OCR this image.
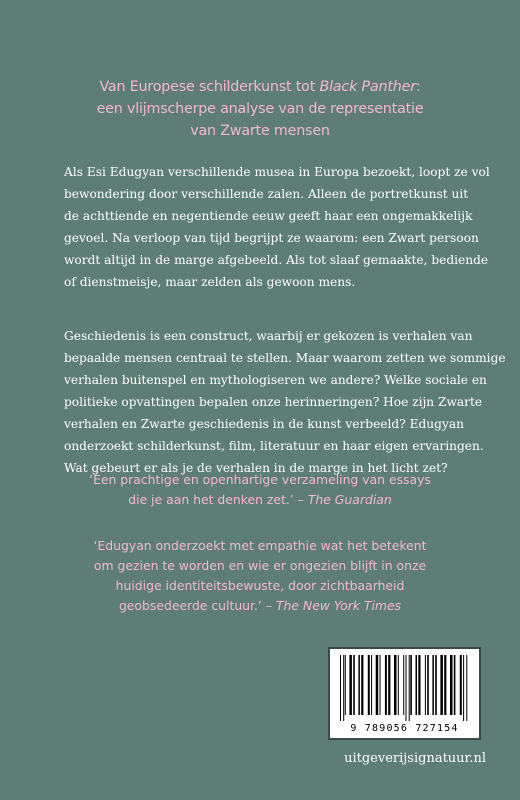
Van Europese schilderkunst tot Black Panther:
een vlijmscherpe analyse van de representatie
van Zwarte mensen
Als Esi Edugyan verschillende musea in Europa bezoekt, loopt ze vol
bewondering door verschillende zalen. Alleen de portretkunst uit
de achttiende en negentiende eeuw geeft haar een ongemakkelijk
gevoel. Na verloop van tijd begrijpt ze waarom: een Zwart persoon
wordt altijd in de marge afgebeeld. Als tot slaaf gemaakte, bediende
of dienstmeisje, maar zelden als gewoon mens.
Geschiedenis is een construct, waarbij er gekozen is verhalen van
bepaalde mensen centraal te stellen. Maar waarom zetten we sommige
verhalen buitenspel en mythologiseren we andere? Welke sociale en
politieke opvattingen bepalen onze herinneringen? Hoe zijn Zwarte
verhalen en Zwarte geschiedenis in de kunst verbeeld? Edugyan
onderzoekt schilderkunst, film, literatuur en haar eigen ervaringen.
Wat gebeurt er als je de verhalen in de marge in het licht zet?
‘Een prachtige en openhartige verzameling van essays
die je aan het denken zet.’ – The Guardian
‘Edugyan onderzoekt met empathie wat het betekent
om gezien te worden en wie er ongezien blijft in onze
huidige identiteitsbewuste, door zichtbaarheid
geobsedeerde cultuur.’ – The New York Times
9 789056 727154
uitgeverijsignatuur.nl
